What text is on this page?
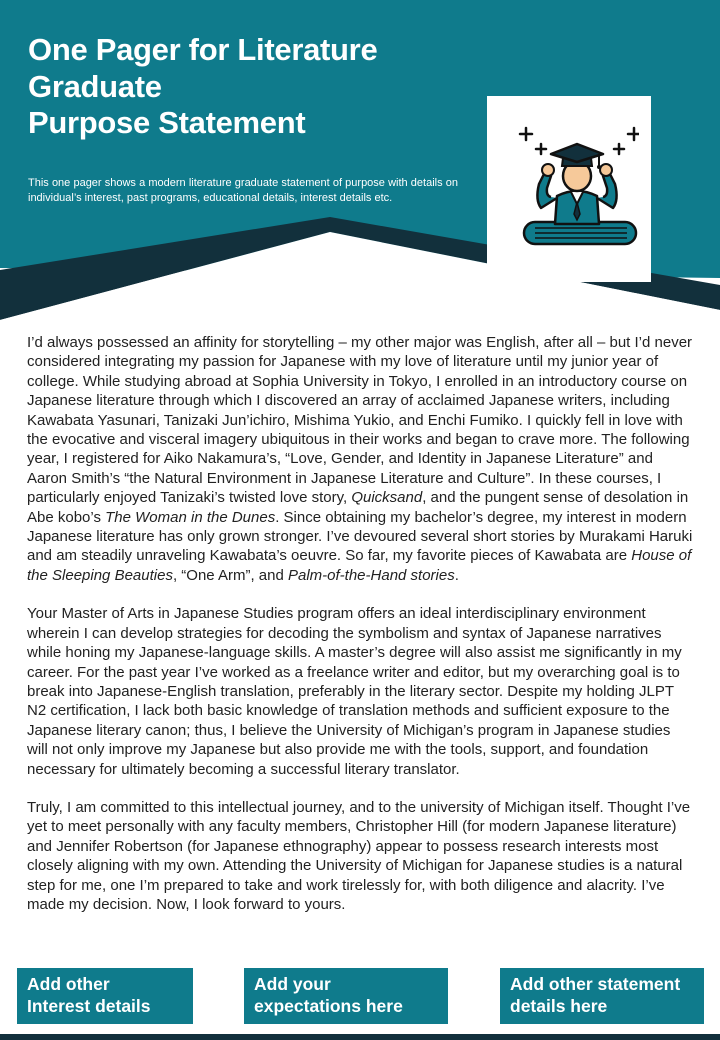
One Pager for Literature
Graduate
Purpose Statement

This one pager shows a modern literature graduate statement of purpose with details on individual’s interest, past programs, educational details, interest details etc.

I’d always possessed an affinity for storytelling – my other major was English, after all – but I’d never considered integrating my passion for Japanese with my love of literature until my junior year of college. While studying abroad at Sophia University in Tokyo, I enrolled in an introductory course on Japanese literature through which I discovered an array of acclaimed Japanese writers, including Kawabata Yasunari, Tanizaki Jun’ichiro, Mishima Yukio, and Enchi Fumiko. I quickly fell in love with the evocative and visceral imagery ubiquitous in their works and began to crave more. The following year, I registered for Aiko Nakamura’s, “Love, Gender, and Identity in Japanese Literature” and Aaron Smith’s “the Natural Environment in Japanese Literature and Culture”. In these courses, I particularly enjoyed Tanizaki’s twisted love story, Quicksand, and the pungent sense of desolation in Abe kobo’s The Woman in the Dunes. Since obtaining my bachelor’s degree, my interest in modern Japanese literature has only grown stronger. I’ve devoured several short stories by Murakami Haruki and am steadily unraveling Kawabata’s oeuvre. So far, my favorite pieces of Kawabata are House of the Sleeping Beauties, “One Arm”, and Palm-of-the-Hand stories.

Your Master of Arts in Japanese Studies program offers an ideal interdisciplinary environment wherein I can develop strategies for decoding the symbolism and syntax of Japanese narratives while honing my Japanese-language skills. A master’s degree will also assist me significantly in my career. For the past year I’ve worked as a freelance writer and editor, but my overarching goal is to break into Japanese-English translation, preferably in the literary sector. Despite my holding JLPT N2 certification, I lack both basic knowledge of translation methods and sufficient exposure to the Japanese literary canon; thus, I believe the University of Michigan’s program in Japanese studies will not only improve my Japanese but also provide me with the tools, support, and foundation necessary for ultimately becoming a successful literary translator.

Truly, I am committed to this intellectual journey, and to the university of Michigan itself. Thought I’ve yet to meet personally with any faculty members, Christopher Hill (for modern Japanese literature) and Jennifer Robertson (for Japanese ethnography) appear to possess research interests most closely aligning with my own. Attending the University of Michigan for Japanese studies is a natural step for me, one I’m prepared to take and work tirelessly for, with both diligence and alacrity. I’ve made my decision. Now, I look forward to yours.

Add other
Interest details
Add your
expectations here
Add other statement
details here
